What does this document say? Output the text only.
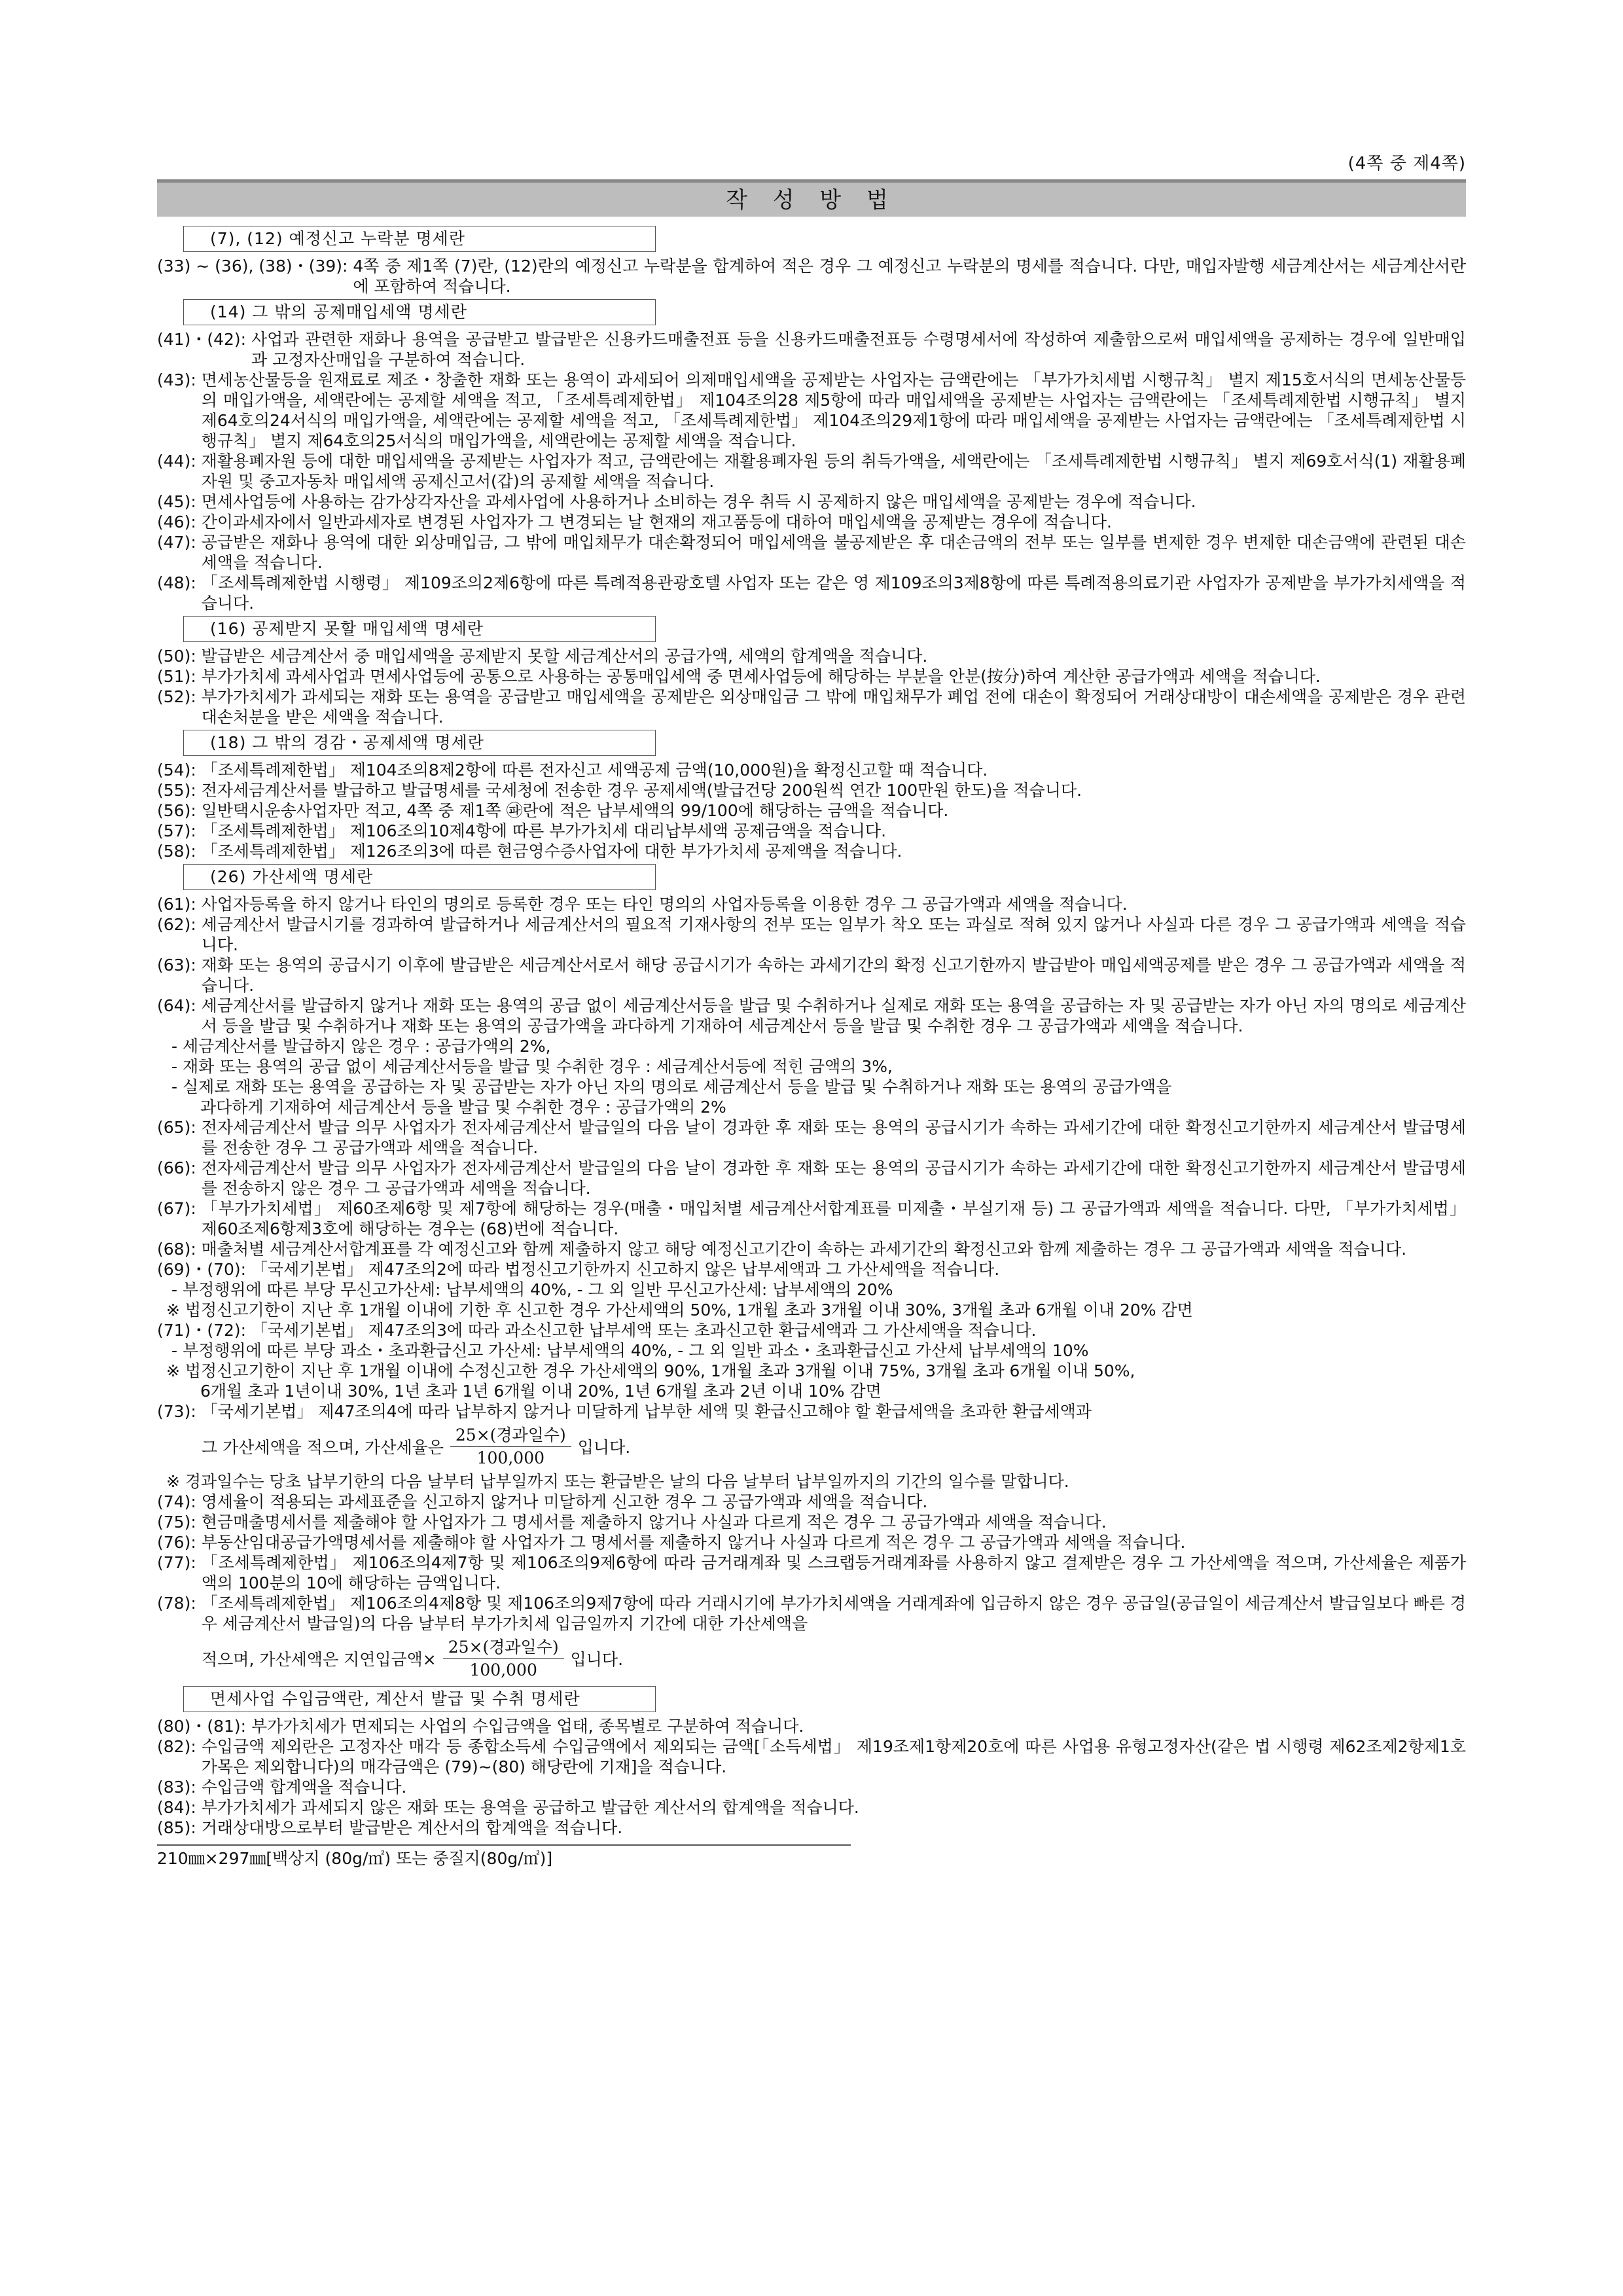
(4쪽 중 제4쪽)
작 성 방 법
(7), (12) 예정신고 누락분 명세란
(33) ~ (36), (38)・(39): 4쪽 중 제1쪽 (7)란, (12)란의 예정신고 누락분을 합계하여 적은 경우 그 예정신고 누락분의 명세를 적습니다. 다만, 매입자발행 세금계산서는 세금계산서란에 포함하여 적습니다.
(14) 그 밖의 공제매입세액 명세란
(41)・(42): 사업과 관련한 재화나 용역을 공급받고 발급받은 신용카드매출전표 등을 신용카드매출전표등 수령명세서에 작성하여 제출함으로써 매입세액을 공제하는 경우에 일반매입과 고정자산매입을 구분하여 적습니다.
(43): 면세농산물등을 원재료로 제조・창출한 재화 또는 용역이 과세되어 의제매입세액을 공제받는 사업자는 금액란에는 「부가가치세법 시행규칙」 별지 제15호서식의 면세농산물등의 매입가액을, 세액란에는 공제할 세액을 적고, 「조세특례제한법」 제104조의28 제5항에 따라 매입세액을 공제받는 사업자는 금액란에는 「조세특례제한법 시행규칙」 별지 제64호의24서식의 매입가액을, 세액란에는 공제할 세액을 적고, 「조세특례제한법」 제104조의29제1항에 따라 매입세액을 공제받는 사업자는 금액란에는 「조세특례제한법 시행규칙」 별지 제64호의25서식의 매입가액을, 세액란에는 공제할 세액을 적습니다.
(44): 재활용폐자원 등에 대한 매입세액을 공제받는 사업자가 적고, 금액란에는 재활용폐자원 등의 취득가액을, 세액란에는 「조세특례제한법 시행규칙」 별지 제69호서식(1) 재활용폐자원 및 중고자동차 매입세액 공제신고서(갑)의 공제할 세액을 적습니다.
(45): 면세사업등에 사용하는 감가상각자산을 과세사업에 사용하거나 소비하는 경우 취득 시 공제하지 않은 매입세액을 공제받는 경우에 적습니다.
(46): 간이과세자에서 일반과세자로 변경된 사업자가 그 변경되는 날 현재의 재고품등에 대하여 매입세액을 공제받는 경우에 적습니다.
(47): 공급받은 재화나 용역에 대한 외상매입금, 그 밖에 매입채무가 대손확정되어 매입세액을 불공제받은 후 대손금액의 전부 또는 일부를 변제한 경우 변제한 대손금액에 관련된 대손세액을 적습니다.
(48): 「조세특례제한법 시행령」 제109조의2제6항에 따른 특례적용관광호텔 사업자 또는 같은 영 제109조의3제8항에 따른 특례적용의료기관 사업자가 공제받을 부가가치세액을 적습니다.
(16) 공제받지 못할 매입세액 명세란
(50): 발급받은 세금계산서 중 매입세액을 공제받지 못할 세금계산서의 공급가액, 세액의 합계액을 적습니다.
(51): 부가가치세 과세사업과 면세사업등에 공통으로 사용하는 공통매입세액 중 면세사업등에 해당하는 부분을 안분(按分)하여 계산한 공급가액과 세액을 적습니다.
(52): 부가가치세가 과세되는 재화 또는 용역을 공급받고 매입세액을 공제받은 외상매입금 그 밖에 매입채무가 폐업 전에 대손이 확정되어 거래상대방이 대손세액을 공제받은 경우 관련 대손처분을 받은 세액을 적습니다.
(18) 그 밖의 경감・공제세액 명세란
(54): 「조세특례제한법」 제104조의8제2항에 따른 전자신고 세액공제 금액(10,000원)을 확정신고할 때 적습니다.
(55): 전자세금계산서를 발급하고 발급명세를 국세청에 전송한 경우 공제세액(발급건당 200원씩 연간 100만원 한도)을 적습니다.
(56): 일반택시운송사업자만 적고, 4쪽 중 제1쪽 ㉺란에 적은 납부세액의 99/100에 해당하는 금액을 적습니다.
(57): 「조세특례제한법」 제106조의10제4항에 따른 부가가치세 대리납부세액 공제금액을 적습니다.
(58): 「조세특례제한법」 제126조의3에 따른 현금영수증사업자에 대한 부가가치세 공제액을 적습니다.
(26) 가산세액 명세란
(61): 사업자등록을 하지 않거나 타인의 명의로 등록한 경우 또는 타인 명의의 사업자등록을 이용한 경우 그 공급가액과 세액을 적습니다.
(62): 세금계산서 발급시기를 경과하여 발급하거나 세금계산서의 필요적 기재사항의 전부 또는 일부가 착오 또는 과실로 적혀 있지 않거나 사실과 다른 경우 그 공급가액과 세액을 적습니다.
(63): 재화 또는 용역의 공급시기 이후에 발급받은 세금계산서로서 해당 공급시기가 속하는 과세기간의 확정 신고기한까지 발급받아 매입세액공제를 받은 경우 그 공급가액과 세액을 적습니다.
(64): 세금계산서를 발급하지 않거나 재화 또는 용역의 공급 없이 세금계산서등을 발급 및 수취하거나 실제로 재화 또는 용역을 공급하는 자 및 공급받는 자가 아닌 자의 명의로 세금계산서 등을 발급 및 수취하거나 재화 또는 용역의 공급가액을 과다하게 기재하여 세금계산서 등을 발급 및 수취한 경우 그 공급가액과 세액을 적습니다.
- 세금계산서를 발급하지 않은 경우 : 공급가액의 2%,
- 재화 또는 용역의 공급 없이 세금계산서등을 발급 및 수취한 경우 : 세금계산서등에 적힌 금액의 3%,
- 실제로 재화 또는 용역을 공급하는 자 및 공급받는 자가 아닌 자의 명의로 세금계산서 등을 발급 및 수취하거나 재화 또는 용역의 공급가액을
과다하게 기재하여 세금계산서 등을 발급 및 수취한 경우 : 공급가액의 2%
(65): 전자세금계산서 발급 의무 사업자가 전자세금계산서 발급일의 다음 날이 경과한 후 재화 또는 용역의 공급시기가 속하는 과세기간에 대한 확정신고기한까지 세금계산서 발급명세를 전송한 경우 그 공급가액과 세액을 적습니다.
(66): 전자세금계산서 발급 의무 사업자가 전자세금계산서 발급일의 다음 날이 경과한 후 재화 또는 용역의 공급시기가 속하는 과세기간에 대한 확정신고기한까지 세금계산서 발급명세를 전송하지 않은 경우 그 공급가액과 세액을 적습니다.
(67): 「부가가치세법」 제60조제6항 및 제7항에 해당하는 경우(매출・매입처별 세금계산서합계표를 미제출・부실기재 등) 그 공급가액과 세액을 적습니다. 다만, 「부가가치세법」 제60조제6항제3호에 해당하는 경우는 (68)번에 적습니다.
(68): 매출처별 세금계산서합계표를 각 예정신고와 함께 제출하지 않고 해당 예정신고기간이 속하는 과세기간의 확정신고와 함께 제출하는 경우 그 공급가액과 세액을 적습니다.
(69)・(70): 「국세기본법」 제47조의2에 따라 법정신고기한까지 신고하지 않은 납부세액과 그 가산세액을 적습니다.
- 부정행위에 따른 부당 무신고가산세: 납부세액의 40%, - 그 외 일반 무신고가산세: 납부세액의 20%
※ 법정신고기한이 지난 후 1개월 이내에 기한 후 신고한 경우 가산세액의 50%, 1개월 초과 3개월 이내 30%, 3개월 초과 6개월 이내 20% 감면
(71)・(72): 「국세기본법」 제47조의3에 따라 과소신고한 납부세액 또는 초과신고한 환급세액과 그 가산세액을 적습니다.
- 부정행위에 따른 부당 과소・초과환급신고 가산세: 납부세액의 40%, - 그 외 일반 과소・초과환급신고 가산세 납부세액의 10%
※ 법정신고기한이 지난 후 1개월 이내에 수정신고한 경우 가산세액의 90%, 1개월 초과 3개월 이내 75%, 3개월 초과 6개월 이내 50%,
6개월 초과 1년이내 30%, 1년 초과 1년 6개월 이내 20%, 1년 6개월 초과 2년 이내 10% 감면
(73): 「국세기본법」 제47조의4에 따라 납부하지 않거나 미달하게 납부한 세액 및 환급신고해야 할 환급세액을 초과한 환급세액과
그 가산세액을 적으며, 가산세율은 $\frac{\text{25×(경과일수)}}{100,000}$ 입니다.
※ 경과일수는 당초 납부기한의 다음 날부터 납부일까지 또는 환급받은 날의 다음 날부터 납부일까지의 기간의 일수를 말합니다.
(74): 영세율이 적용되는 과세표준을 신고하지 않거나 미달하게 신고한 경우 그 공급가액과 세액을 적습니다.
(75): 현금매출명세서를 제출해야 할 사업자가 그 명세서를 제출하지 않거나 사실과 다르게 적은 경우 그 공급가액과 세액을 적습니다.
(76): 부동산임대공급가액명세서를 제출해야 할 사업자가 그 명세서를 제출하지 않거나 사실과 다르게 적은 경우 그 공급가액과 세액을 적습니다.
(77): 「조세특례제한법」 제106조의4제7항 및 제106조의9제6항에 따라 금거래계좌 및 스크랩등거래계좌를 사용하지 않고 결제받은 경우 그 가산세액을 적으며, 가산세율은 제품가액의 100분의 10에 해당하는 금액입니다.
(78): 「조세특례제한법」 제106조의4제8항 및 제106조의9제7항에 따라 거래시기에 부가가치세액을 거래계좌에 입금하지 않은 경우 공급일(공급일이 세금계산서 발급일보다 빠른 경우 세금계산서 발급일)의 다음 날부터 부가가치세 입금일까지 기간에 대한 가산세액을
적으며, 가산세액은 지연입금액× $\frac{\text{25×(경과일수)}}{100,000}$ 입니다.
면세사업 수입금액란, 계산서 발급 및 수취 명세란
(80)・(81): 부가가치세가 면제되는 사업의 수입금액을 업태, 종목별로 구분하여 적습니다.
(82): 수입금액 제외란은 고정자산 매각 등 종합소득세 수입금액에서 제외되는 금액[「소득세법」 제19조제1항제20호에 따른 사업용 유형고정자산(같은 법 시행령 제62조제2항제1호가목은 제외합니다)의 매각금액은 (79)~(80) 해당란에 기재]을 적습니다.
(83): 수입금액 합계액을 적습니다.
(84): 부가가치세가 과세되지 않은 재화 또는 용역을 공급하고 발급한 계산서의 합계액을 적습니다.
(85): 거래상대방으로부터 발급받은 계산서의 합계액을 적습니다.
210㎜×297㎜[백상지 (80g/㎡) 또는 중질지(80g/㎡)]
